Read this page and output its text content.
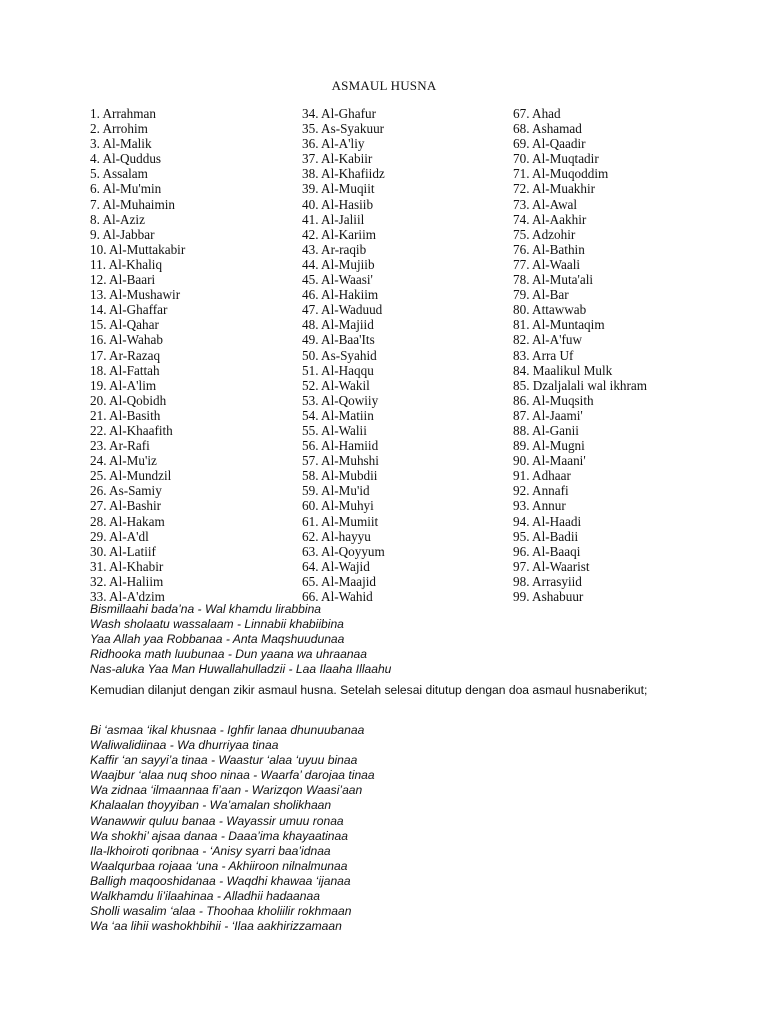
ASMAUL HUSNA
1. Arrahman
2. Arrohim
3. Al-Malik
4. Al-Quddus
5. Assalam
6. Al-Mu'min
7. Al-Muhaimin
8. Al-Aziz
9. Al-Jabbar
10. Al-Muttakabir
11. Al-Khaliq
12. Al-Baari
13. Al-Mushawir
14. Al-Ghaffar
15. Al-Qahar
16. Al-Wahab
17. Ar-Razaq
18. Al-Fattah
19. Al-A'lim
20. Al-Qobidh
21. Al-Basith
22. Al-Khaafith
23. Ar-Rafi
24. Al-Mu'iz
25. Al-Mundzil
26. As-Samiy
27. Al-Bashir
28. Al-Hakam
29. Al-A'dl
30. Al-Latiif
31. Al-Khabir
32. Al-Haliim
33. Al-A'dzim
34. Al-Ghafur
35. As-Syakuur
36. Al-A'liy
37. Al-Kabiir
38. Al-Khafiidz
39. Al-Muqiit
40. Al-Hasiib
41. Al-Jaliil
42. Al-Kariim
43. Ar-raqib
44. Al-Mujiib
45. Al-Waasi'
46. Al-Hakiim
47. Al-Waduud
48. Al-Majiid
49. Al-Baa'Its
50. As-Syahid
51. Al-Haqqu
52. Al-Wakil
53. Al-Qowiiy
54. Al-Matiin
55. Al-Walii
56. Al-Hamiid
57. Al-Muhshi
58. Al-Mubdii
59. Al-Mu'id
60. Al-Muhyi
61. Al-Mumiit
62. Al-hayyu
63. Al-Qoyyum
64. Al-Wajid
65. Al-Maajid
66. Al-Wahid
67. Ahad
68. Ashamad
69. Al-Qaadir
70. Al-Muqtadir
71. Al-Muqoddim
72. Al-Muakhir
73. Al-Awal
74. Al-Aakhir
75. Adzohir
76. Al-Bathin
77. Al-Waali
78. Al-Muta'ali
79. Al-Bar
80. Attawwab
81. Al-Muntaqim
82. Al-A'fuw
83. Arra Uf
84. Maalikul Mulk
85. Dzaljalali wal ikhram
86. Al-Muqsith
87. Al-Jaami'
88. Al-Ganii
89. Al-Mugni
90. Al-Maani'
91. Adhaar
92. Annafi
93. Annur
94. Al-Haadi
95. Al-Badii
96. Al-Baaqi
97. Al-Waarist
98. Arrasyiid
99. Ashabuur
Bismillaahi bada’na - Wal khamdu lirabbina
Wash sholaatu wassalaam - Linnabii khabiibina
Yaa Allah yaa Robbanaa - Anta Maqshuudunaa
Ridhooka math luubunaa - Dun yaana wa uhraanaa
Nas-aluka Yaa Man Huwallahulladzii - Laa Ilaaha Illaahu
Kemudian dilanjut dengan zikir asmaul husna. Setelah selesai ditutup dengan doa asmaul husnaberikut;
Bi ‘asmaa ‘ikal khusnaa - Ighfir lanaa dhunuubanaa
Waliwalidiinaa - Wa dhurriyaa tinaa
Kaffir ‘an sayyi’a tinaa - Waastur ‘alaa ‘uyuu binaa
Waajbur ‘alaa nuq shoo ninaa - Waarfa’ darojaa tinaa
Wa zidnaa ‘ilmaannaa fi’aan - Warizqon Waasi’aan
Khalaalan thoyyiban - Wa’amalan sholikhaan
Wanawwir quluu banaa - Wayassir umuu ronaa
Wa shokhi’ ajsaa danaa - Daaa’ima khayaatinaa
Ila-lkhoiroti qoribnaa - ‘Anisy syarri baa’idnaa
Waalqurbaa rojaaa ‘una - Akhiiroon nilnalmunaa
Balligh maqooshidanaa - Waqdhi khawaa ‘ijanaa
Walkhamdu li’ilaahinaa - Alladhii hadaanaa
Sholli wasalim ‘alaa - Thoohaa kholiilir rokhmaan
Wa ‘aa lihii washokhbihii - ‘Ilaa aakhirizzamaan
